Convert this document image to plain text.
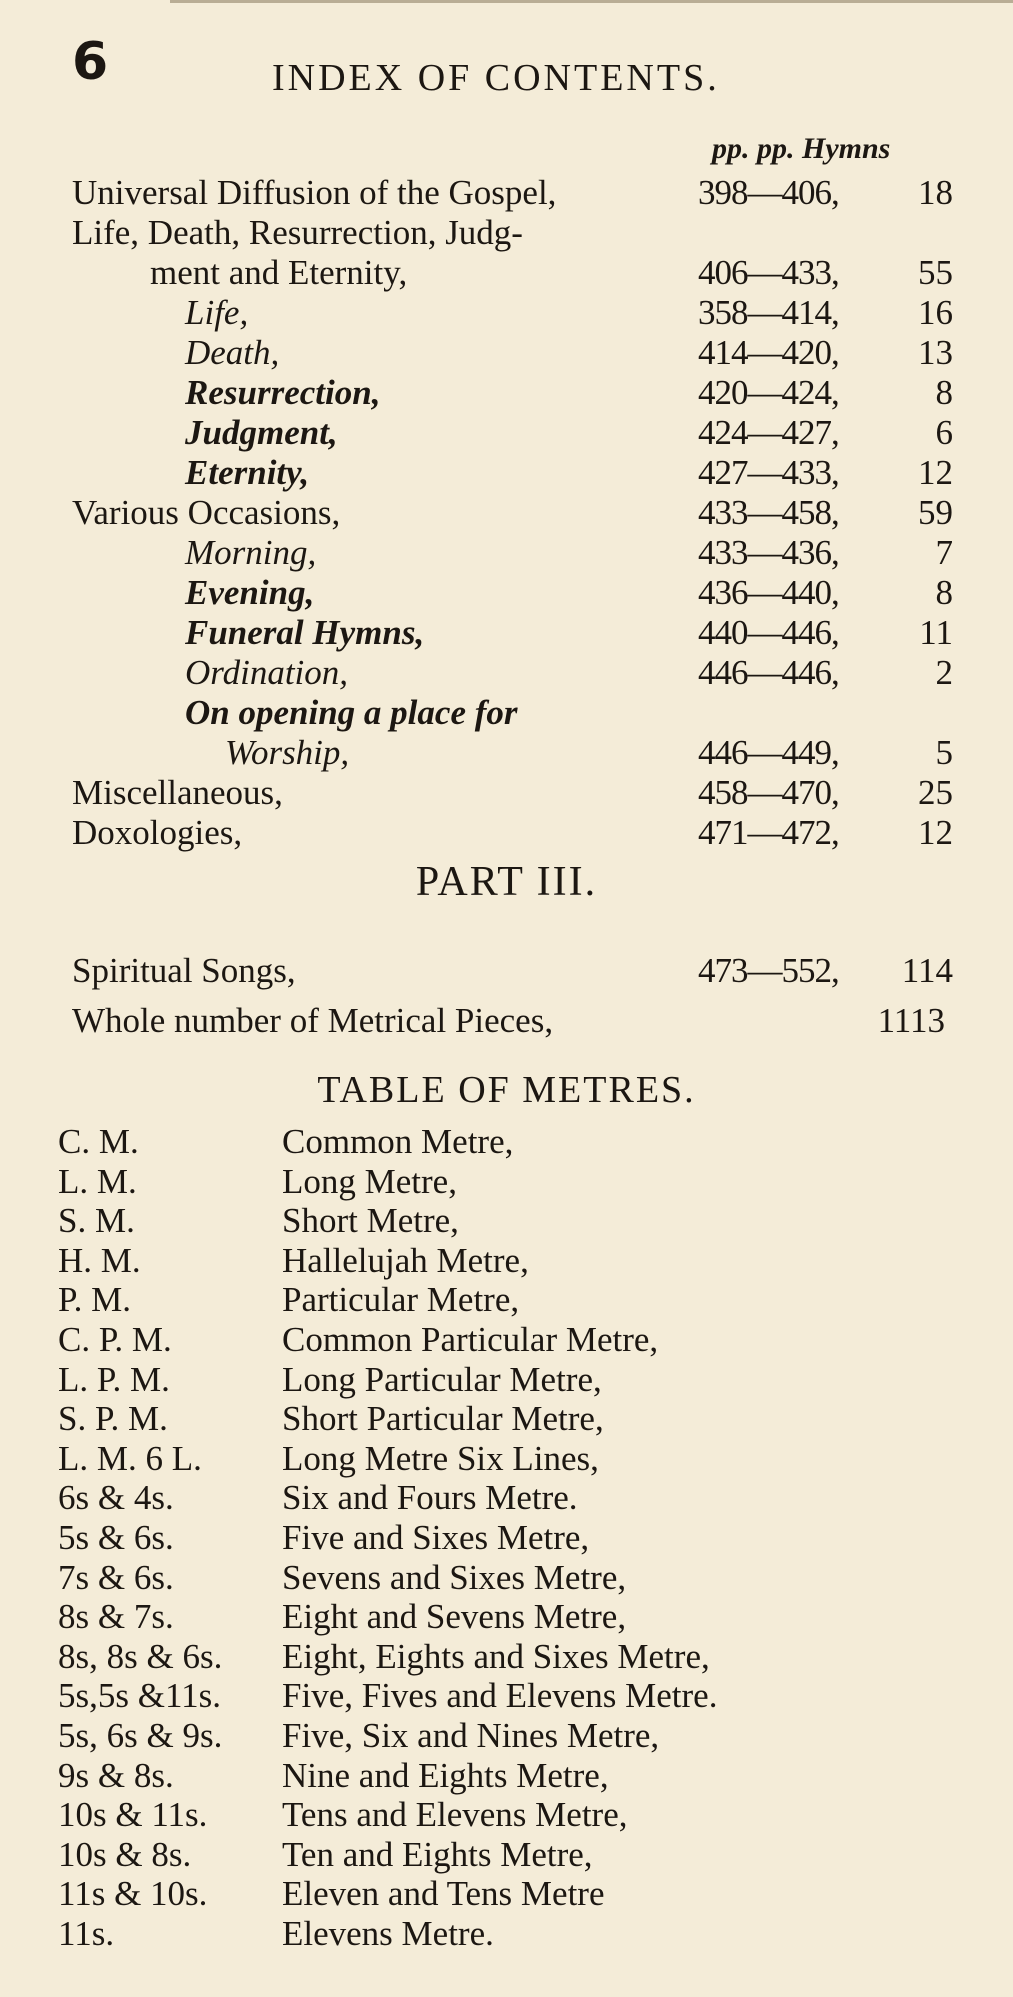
6	INDEX OF CONTENTS.
pp. pp. Hymns
Universal Diffusion of the Gospel,	398—406, 18
Life, Death, Resurrection, Judg-
ment and Eternity,	406—433, 55
Life,	358—414, 16
Death,	414—420, 13
Resurrection,	420—424,	8
Judgment,	424—427,	6
Eternity,	427—433, 12
Various Occasions,	433—458, 59
Morning,	433—436,	7
Evening,	436—440,	8
Funeral Hymns,	440—446, 11
Ordination,	446—446,	2
On opening a place for
Worship,	446—449,	5
Miscellaneous,	458—470, 25
Doxologies,	471—472, 12
PART III.
Spiritual Songs,	473—552, 114
Whole number of Metrical Pieces,	1113
TABLE OF METRES.
C. M.	Common Metre,
L. M.	Long Metre,
S. M.	Short Metre,
H. M.	Hallelujah Metre,
P. M.	Particular Metre,
C. P. M.	Common Particular Metre,
L. P. M.	Long Particular Metre,
S. P. M.	Short Particular Metre,
L. M. 6 L. Long Metre Six Lines,
6s & 4s.	Six and Fours Metre.
5s & 6s.	Five and Sixes Metre,
7s & 6s.	Sevens and Sixes Metre,
8s & 7s.	Eight and Sevens Metre,
8s, 8s & 6s. Eight, Eights and Sixes Metre,
5s,5s &11s. Five, Fives and Elevens Metre.
5s, 6s & 9s. Five, Six and Nines Metre,
9s & 8s.	Nine and Eights Metre,
10s & 11s. Tens and Elevens Metre,
10s & 8s.	Ten and Eights Metre,
11s & 10s. Eleven and Tens Metre
11s.	Elevens Metre.
